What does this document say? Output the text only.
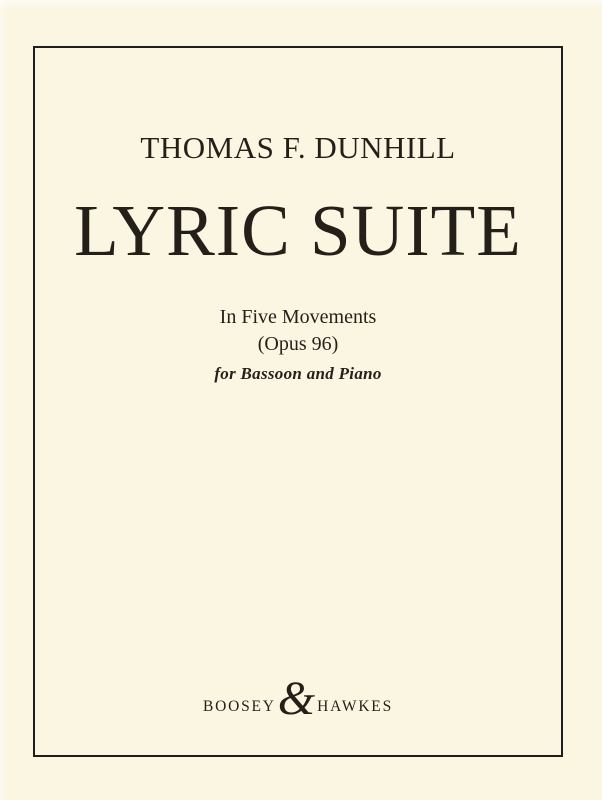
THOMAS F. DUNHILL
LYRIC SUITE
In Five Movements
(Opus 96)
for Bassoon and Piano
BOOSEY & HAWKES
